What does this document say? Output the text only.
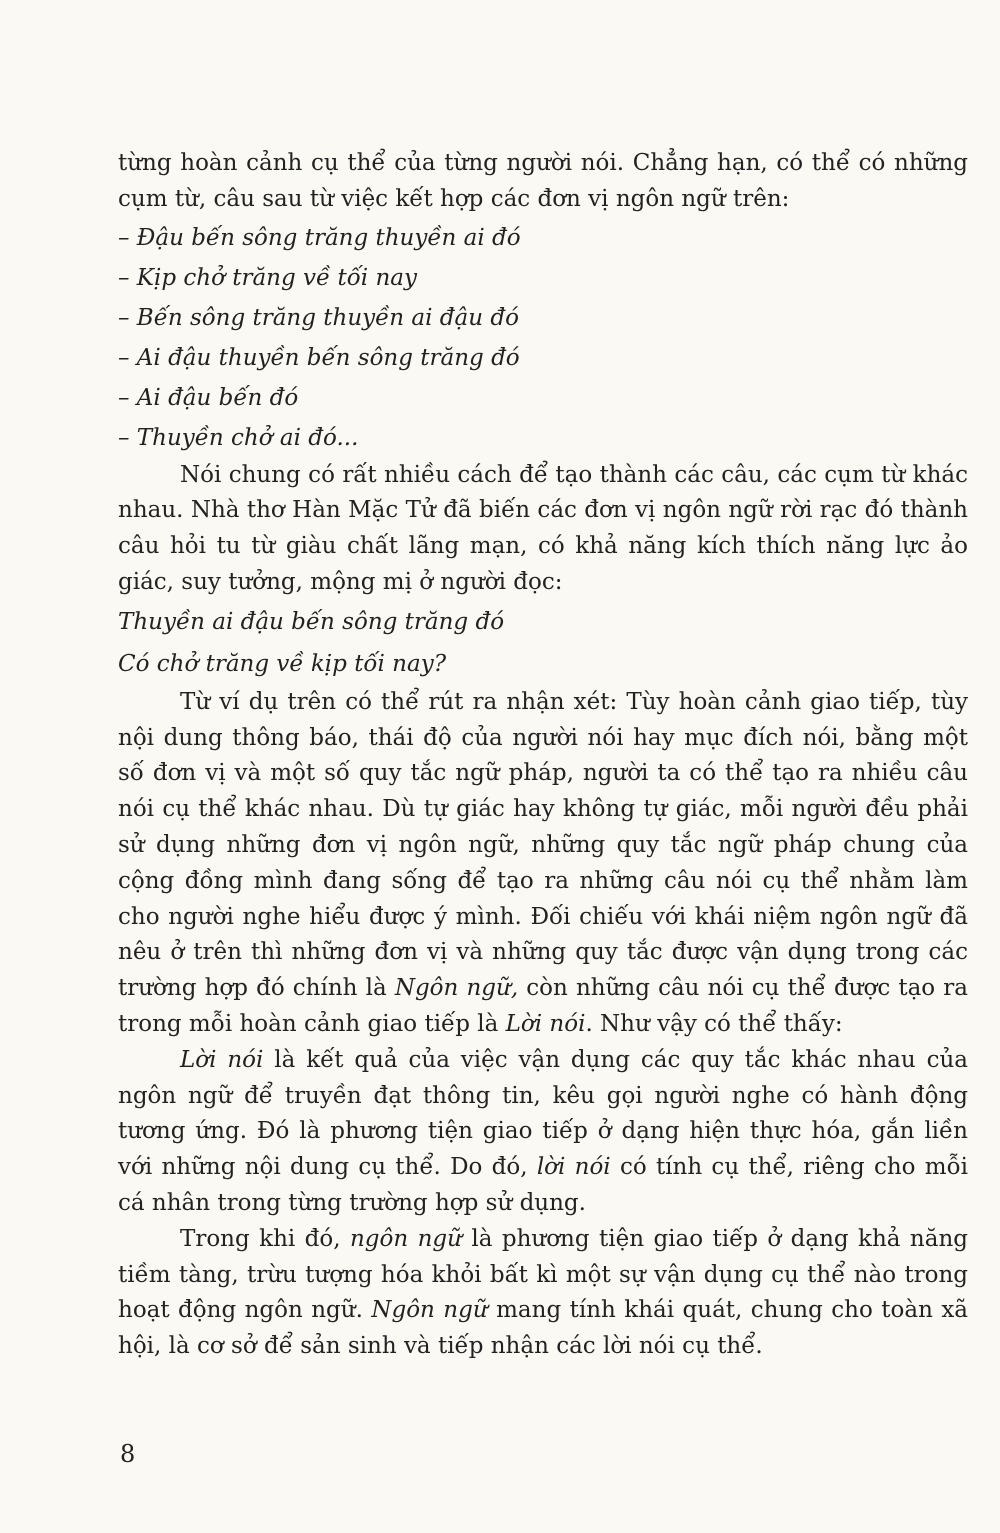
từng hoàn cảnh cụ thể của từng người nói. Chẳng hạn, có thể có những cụm từ, câu sau từ việc kết hợp các đơn vị ngôn ngữ trên:

– Đậu bến sông trăng thuyền ai đó

– Kịp chở trăng về tối nay

– Bến sông trăng thuyền ai đậu đó

– Ai đậu thuyền bến sông trăng đó

– Ai đậu bến đó

– Thuyền chở ai đó...

Nói chung có rất nhiều cách để tạo thành các câu, các cụm từ khác nhau. Nhà thơ Hàn Mặc Tử đã biến các đơn vị ngôn ngữ rời rạc đó thành câu hỏi tu từ giàu chất lãng mạn, có khả năng kích thích năng lực ảo giác, suy tưởng, mộng mị ở người đọc:

Thuyền ai đậu bến sông trăng đó

Có chở trăng về kịp tối nay?

Từ ví dụ trên có thể rút ra nhận xét: Tùy hoàn cảnh giao tiếp, tùy nội dung thông báo, thái độ của người nói hay mục đích nói, bằng một số đơn vị và một số quy tắc ngữ pháp, người ta có thể tạo ra nhiều câu nói cụ thể khác nhau. Dù tự giác hay không tự giác, mỗi người đều phải sử dụng những đơn vị ngôn ngữ, những quy tắc ngữ pháp chung của cộng đồng mình đang sống để tạo ra những câu nói cụ thể nhằm làm cho người nghe hiểu được ý mình. Đối chiếu với khái niệm ngôn ngữ đã nêu ở trên thì những đơn vị và những quy tắc được vận dụng trong các trường hợp đó chính là Ngôn ngữ, còn những câu nói cụ thể được tạo ra trong mỗi hoàn cảnh giao tiếp là Lời nói. Như vậy có thể thấy:

Lời nói là kết quả của việc vận dụng các quy tắc khác nhau của ngôn ngữ để truyền đạt thông tin, kêu gọi người nghe có hành động tương ứng. Đó là phương tiện giao tiếp ở dạng hiện thực hóa, gắn liền với những nội dung cụ thể. Do đó, lời nói có tính cụ thể, riêng cho mỗi cá nhân trong từng trường hợp sử dụng.

Trong khi đó, ngôn ngữ là phương tiện giao tiếp ở dạng khả năng tiềm tàng, trừu tượng hóa khỏi bất kì một sự vận dụng cụ thể nào trong hoạt động ngôn ngữ. Ngôn ngữ mang tính khái quát, chung cho toàn xã hội, là cơ sở để sản sinh và tiếp nhận các lời nói cụ thể.

8
